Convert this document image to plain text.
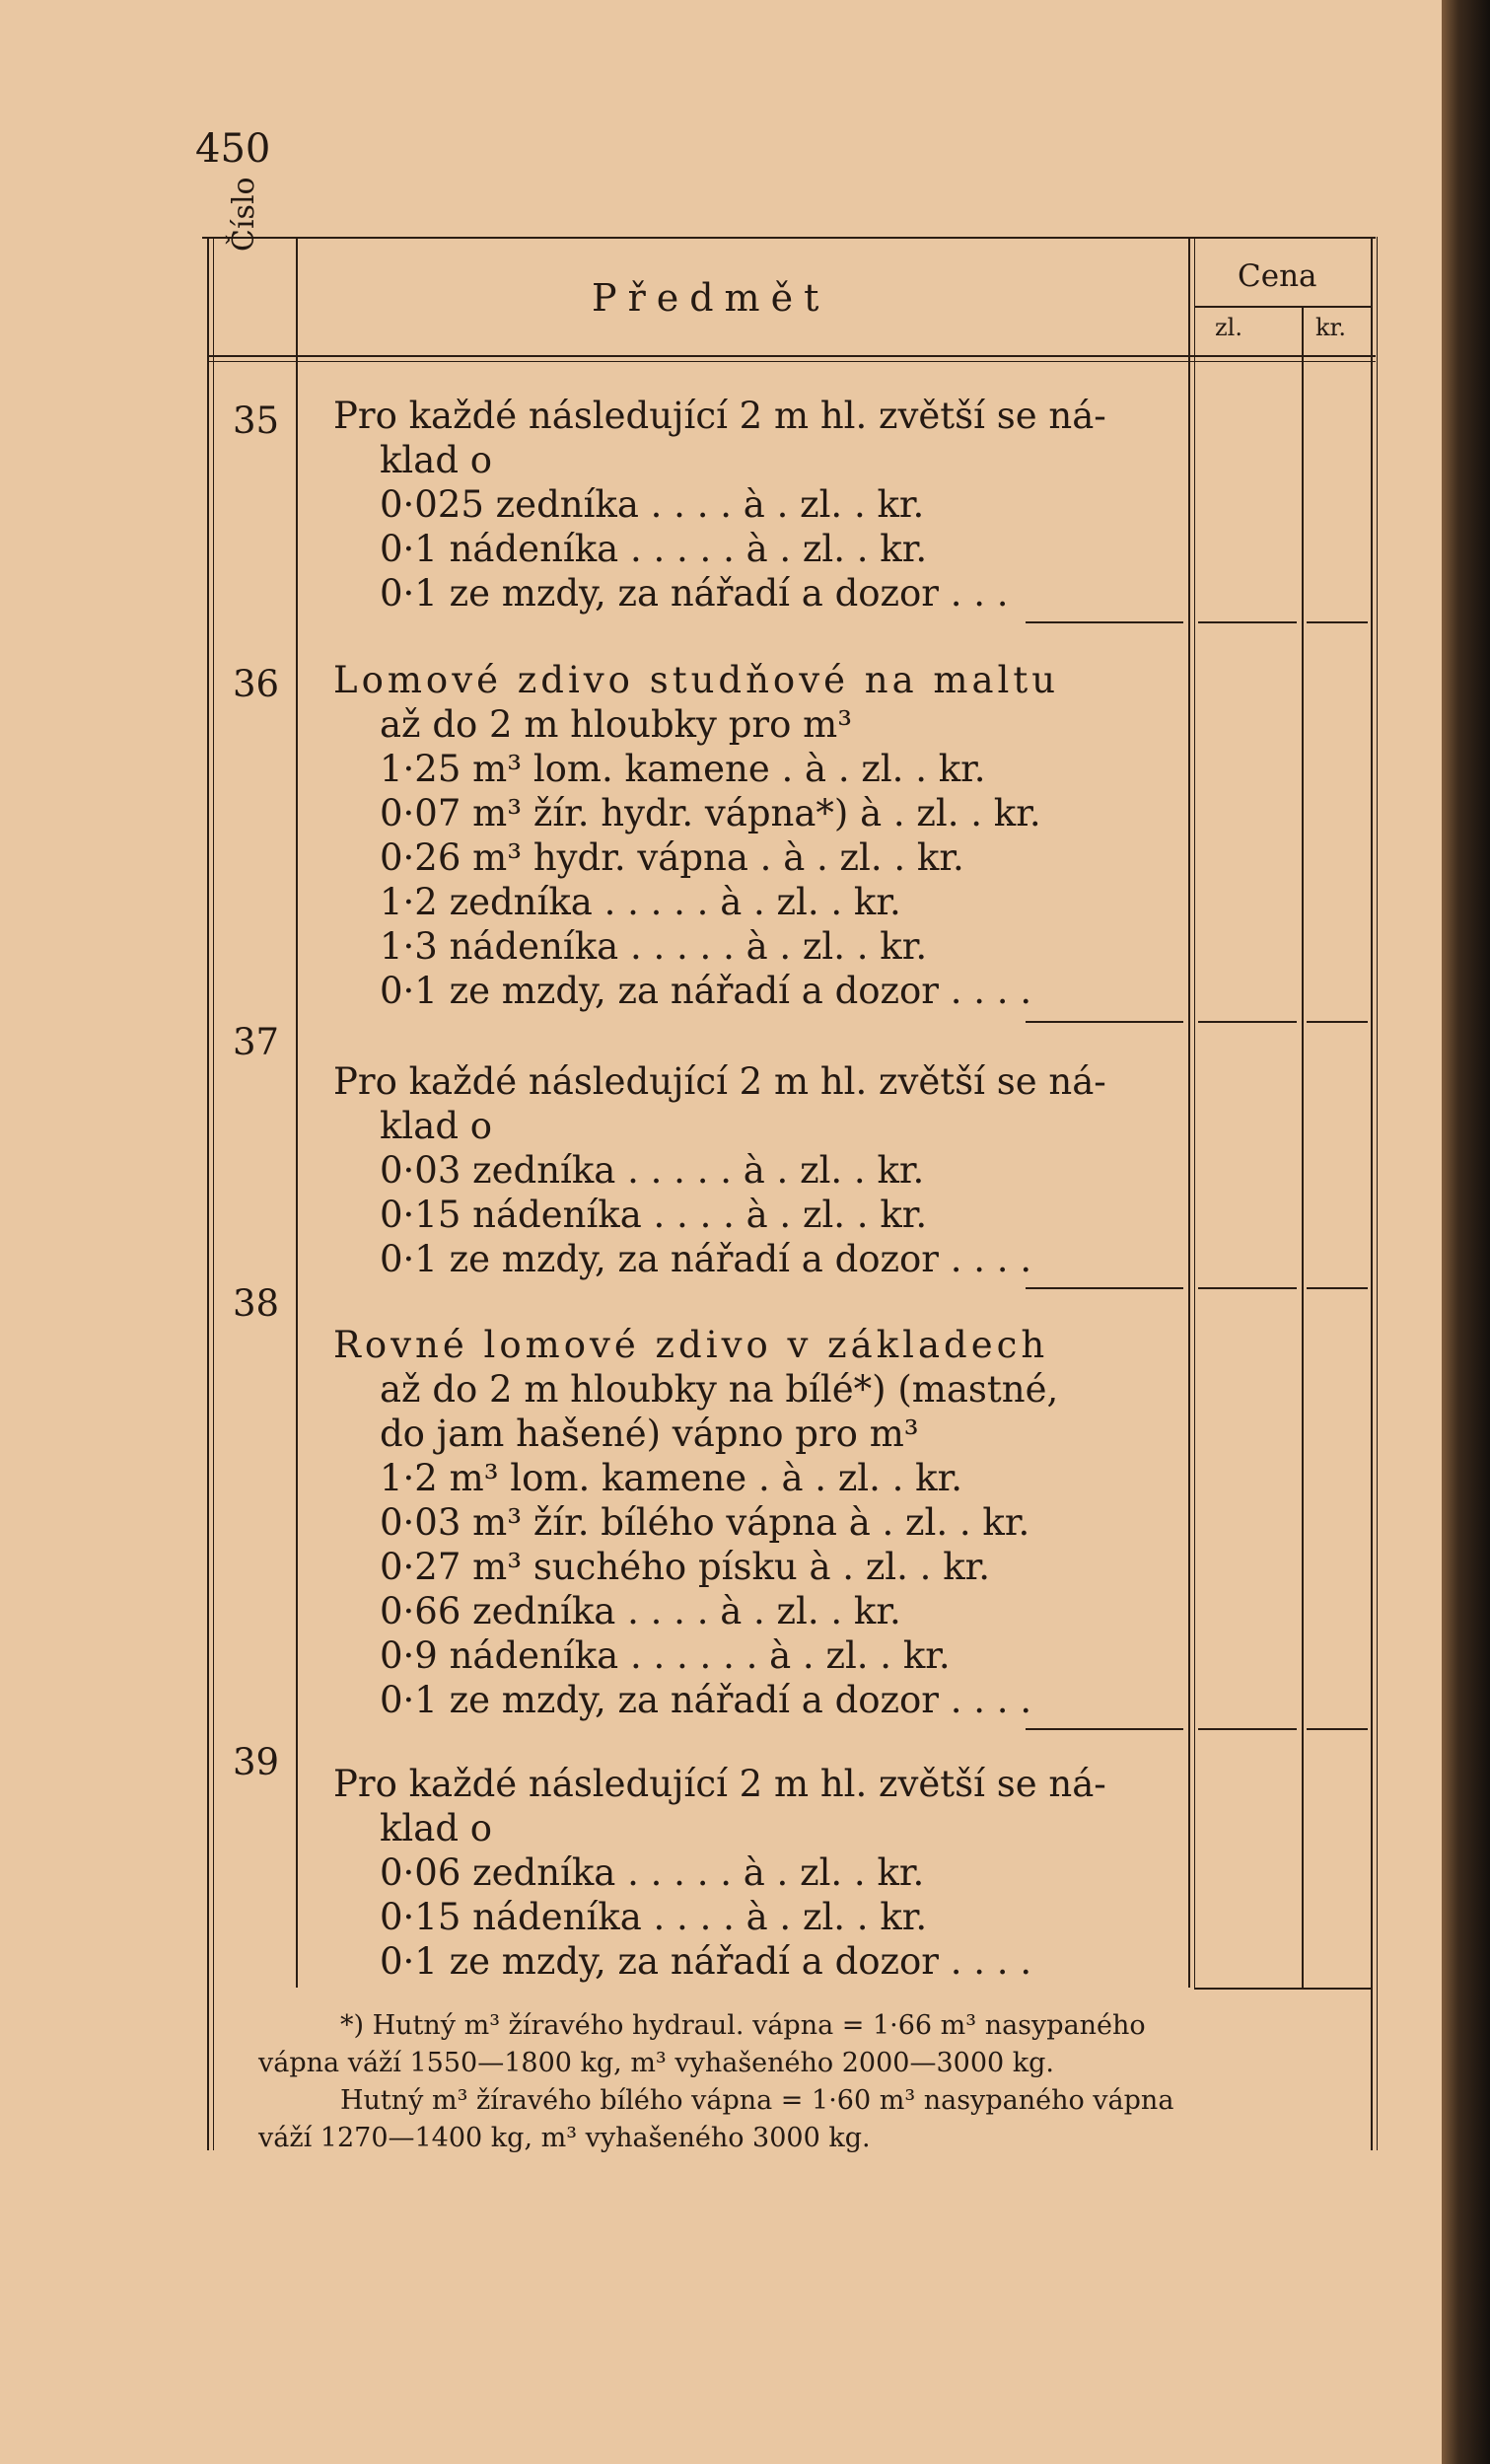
450
Číslo
Předmět	Cena
zl.	kr.
35 Pro každé následující 2 m hl. zvětší se ná-
klad o
0·025 zedníka . . . . à . zl. . kr.
0·1 nádeníka . . . . . à . zl. . kr.
0·1 ze mzdy, za nářadí a dozor . . .
36 Lomové zdivo studňové na maltu
až do 2 m hloubky pro m³
1·25 m³ lom. kamene . à . zl. . kr.
0·07 m³ žír. hydr. vápna*) à . zl. . kr.
0·26 m³ hydr. vápna . à . zl. . kr.
1·2 zedníka . . . . . à . zl. . kr.
1·3 nádeníka . . . . . à . zl. . kr.
0·1 ze mzdy, za nářadí a dozor . . . .
37
Pro každé následující 2 m hl. zvětší se ná-
klad o
0·03 zedníka . . . . . à . zl. . kr.
0·15 nádeníka . . . . à . zl. . kr.
0·1 ze mzdy, za nářadí a dozor . . . .
38
Rovné lomové zdivo v základech
až do 2 m hloubky na bílé*) (mastné,
do jam hašené) vápno pro m³
1·2 m³ lom. kamene . à . zl. . kr.
0·03 m³ žír. bílého vápna à . zl. . kr.
0·27 m³ suchého písku à . zl. . kr.
0·66 zedníka . . . . à . zl. . kr.
0·9 nádeníka . . . . . . à . zl. . kr.
0·1 ze mzdy, za nářadí a dozor . . . .
39
Pro každé následující 2 m hl. zvětší se ná-
klad o
0·06 zedníka . . . . . à . zl. . kr.
0·15 nádeníka . . . . à . zl. . kr.
0·1 ze mzdy, za nářadí a dozor . . . .
*) Hutný m³ žíravého hydraul. vápna = 1·66 m³ nasypaného
vápna váží 1550—1800 kg, m³ vyhašeného 2000—3000 kg.
Hutný m³ žíravého bílého vápna = 1·60 m³ nasypaného vápna
váží 1270—1400 kg, m³ vyhašeného 3000 kg.
